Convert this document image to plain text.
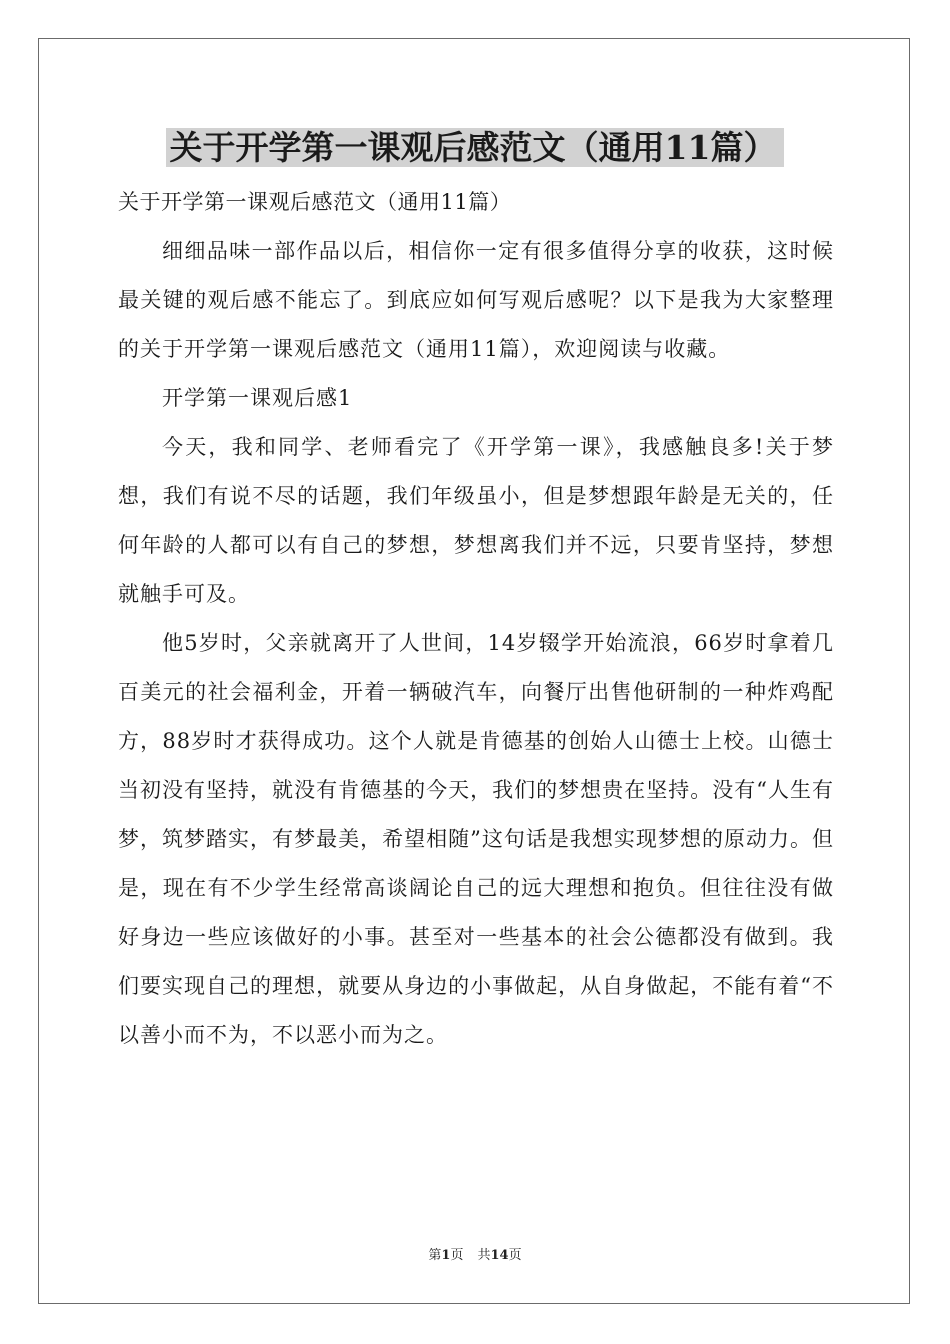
关于开学第一课观后感范文（通用11篇）

关于开学第一课观后感范文（通用11篇）

细细品味一部作品以后，相信你一定有很多值得分享的收获，这时候最关键的观后感不能忘了。到底应如何写观后感呢？以下是我为大家整理的关于开学第一课观后感范文（通用11篇），欢迎阅读与收藏。

开学第一课观后感1

今天，我和同学、老师看完了《开学第一课》，我感触良多!关于梦想，我们有说不尽的话题，我们年级虽小，但是梦想跟年龄是无关的，任何年龄的人都可以有自己的梦想，梦想离我们并不远，只要肯坚持，梦想就触手可及。

他5岁时，父亲就离开了人世间，14岁辍学开始流浪，66岁时拿着几百美元的社会福利金，开着一辆破汽车，向餐厅出售他研制的一种炸鸡配方，88岁时才获得成功。这个人就是肯德基的创始人山德士上校。山德士当初没有坚持，就没有肯德基的今天，我们的梦想贵在坚持。没有“人生有梦，筑梦踏实，有梦最美，希望相随”这句话是我想实现梦想的原动力。但是，现在有不少学生经常高谈阔论自己的远大理想和抱负。但往往没有做好身边一些应该做好的小事。甚至对一些基本的社会公德都没有做到。我们要实现自己的理想，就要从身边的小事做起，从自身做起，不能有着“不以善小而不为，不以恶小而为之。

第1页 共14页
